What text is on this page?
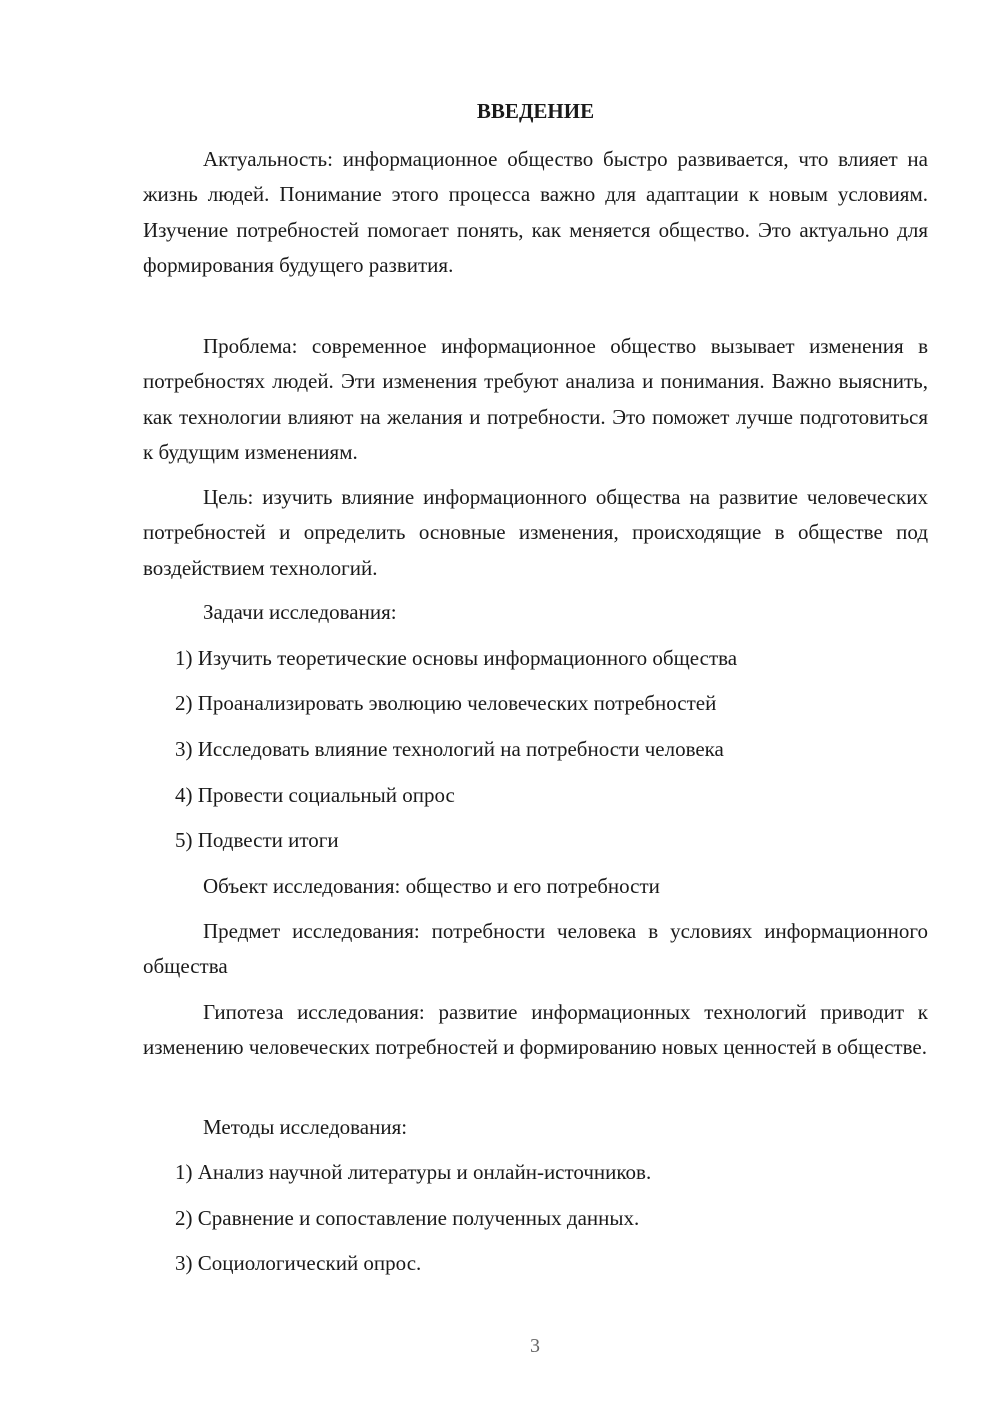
ВВЕДЕНИЕ

Актуальность: информационное общество быстро развивается, что влияет на жизнь людей. Понимание этого процесса важно для адаптации к новым условиям. Изучение потребностей помогает понять, как меняется общество. Это актуально для формирования будущего развития.

Проблема: современное информационное общество вызывает изменения в потребностях людей. Эти изменения требуют анализа и понимания. Важно выяснить, как технологии влияют на желания и потребности. Это поможет лучше подготовиться к будущим изменениям.

Цель: изучить влияние информационного общества на развитие человеческих потребностей и определить основные изменения, происходящие в обществе под воздействием технологий.

Задачи исследования:

1) Изучить теоретические основы информационного общества

2) Проанализировать эволюцию человеческих потребностей

3) Исследовать влияние технологий на потребности человека

4) Провести социальный опрос

5) Подвести итоги

Объект исследования: общество и его потребности

Предмет исследования: потребности человека в условиях информационного общества

Гипотеза исследования: развитие информационных технологий приводит к изменению человеческих потребностей и формированию новых ценностей в обществе.

Методы исследования:

1) Анализ научной литературы и онлайн-источников.

2) Сравнение и сопоставление полученных данных.

3) Социологический опрос.

3
